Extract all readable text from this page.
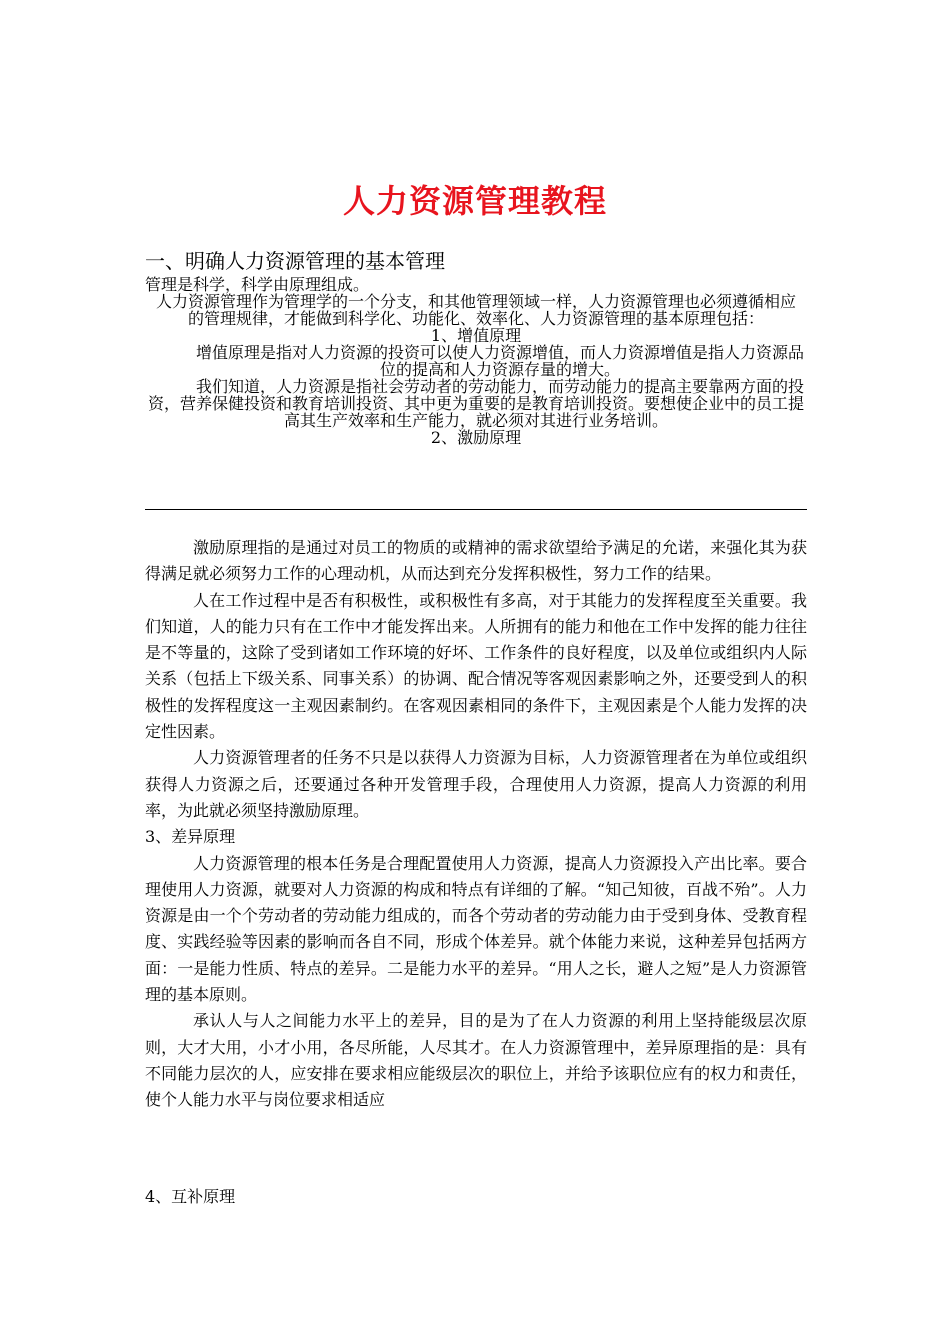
人力资源管理教程
一、明确人力资源管理的基本管理

管理是科学，科学由原理组成。

人力资源管理作为管理学的一个分支，和其他管理领域一样，人力资源管理也必须遵循相应的管理规律，才能做到科学化、功能化、效率化、人力资源管理的基本原理包括：

1、增值原理

增值原理是指对人力资源的投资可以使人力资源增值，而人力资源增值是指人力资源品位的提高和人力资源存量的增大。

我们知道，人力资源是指社会劳动者的劳动能力，而劳动能力的提高主要靠两方面的投资，营养保健投资和教育培训投资、其中更为重要的是教育培训投资。要想使企业中的员工提高其生产效率和生产能力，就必须对其进行业务培训。

2、激励原理

激励原理指的是通过对员工的物质的或精神的需求欲望给予满足的允诺，来强化其为获得满足就必须努力工作的心理动机，从而达到充分发挥积极性，努力工作的结果。

人在工作过程中是否有积极性，或积极性有多高，对于其能力的发挥程度至关重要。我们知道，人的能力只有在工作中才能发挥出来。人所拥有的能力和他在工作中发挥的能力往往是不等量的，这除了受到诸如工作环境的好坏、工作条件的良好程度，以及单位或组织内人际关系（包括上下级关系、同事关系）的协调、配合情况等客观因素影响之外，还要受到人的积极性的发挥程度这一主观因素制约。在客观因素相同的条件下，主观因素是个人能力发挥的决定性因素。

人力资源管理者的任务不只是以获得人力资源为目标，人力资源管理者在为单位或组织获得人力资源之后，还要通过各种开发管理手段，合理使用人力资源，提高人力资源的利用率，为此就必须坚持激励原理。

3、差异原理

人力资源管理的根本任务是合理配置使用人力资源，提高人力资源投入产出比率。要合理使用人力资源，就要对人力资源的构成和特点有详细的了解。“知己知彼，百战不殆”。人力资源是由一个个劳动者的劳动能力组成的，而各个劳动者的劳动能力由于受到身体、受教育程度、实践经验等因素的影响而各自不同，形成个体差异。就个体能力来说，这种差异包括两方面：一是能力性质、特点的差异。二是能力水平的差异。“用人之长，避人之短”是人力资源管理的基本原则。

承认人与人之间能力水平上的差异，目的是为了在人力资源的利用上坚持能级层次原则，大才大用，小才小用，各尽所能，人尽其才。在人力资源管理中，差异原理指的是：具有不同能力层次的人，应安排在要求相应能级层次的职位上，并给予该职位应有的权力和责任，使个人能力水平与岗位要求相适应

4、互补原理
